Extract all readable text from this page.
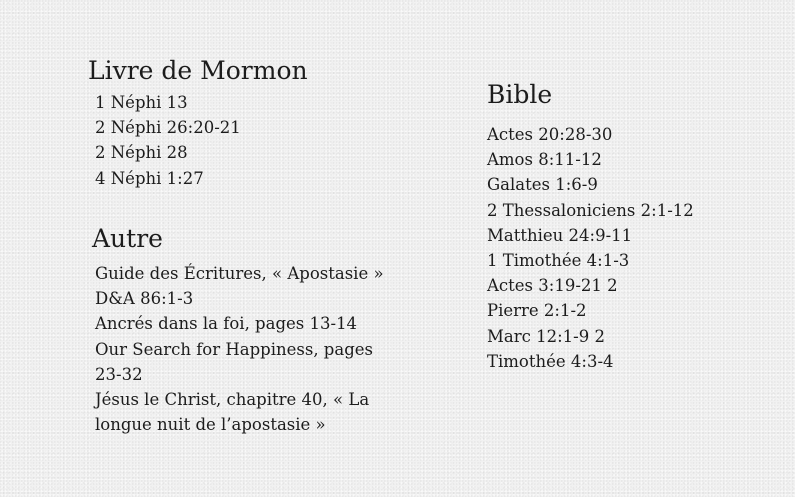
Livre de Mormon
1 Néphi 13
2 Néphi 26:20-21
2 Néphi 28
4 Néphi 1:27
Autre
Guide des Écritures, « Apostasie »
D&A 86:1-3
Ancrés dans la foi, pages 13-14
Our Search for Happiness, pages 23-32
Jésus le Christ, chapitre 40, « La longue nuit de l’apostasie »
Bible
Actes 20:28-30
Amos 8:11-12
Galates 1:6-9
2 Thessaloniciens 2:1-12
Matthieu 24:9-11
1 Timothée 4:1-3
Actes 3:19-21 2
Pierre 2:1-2
Marc 12:1-9 2
Timothée 4:3-4
